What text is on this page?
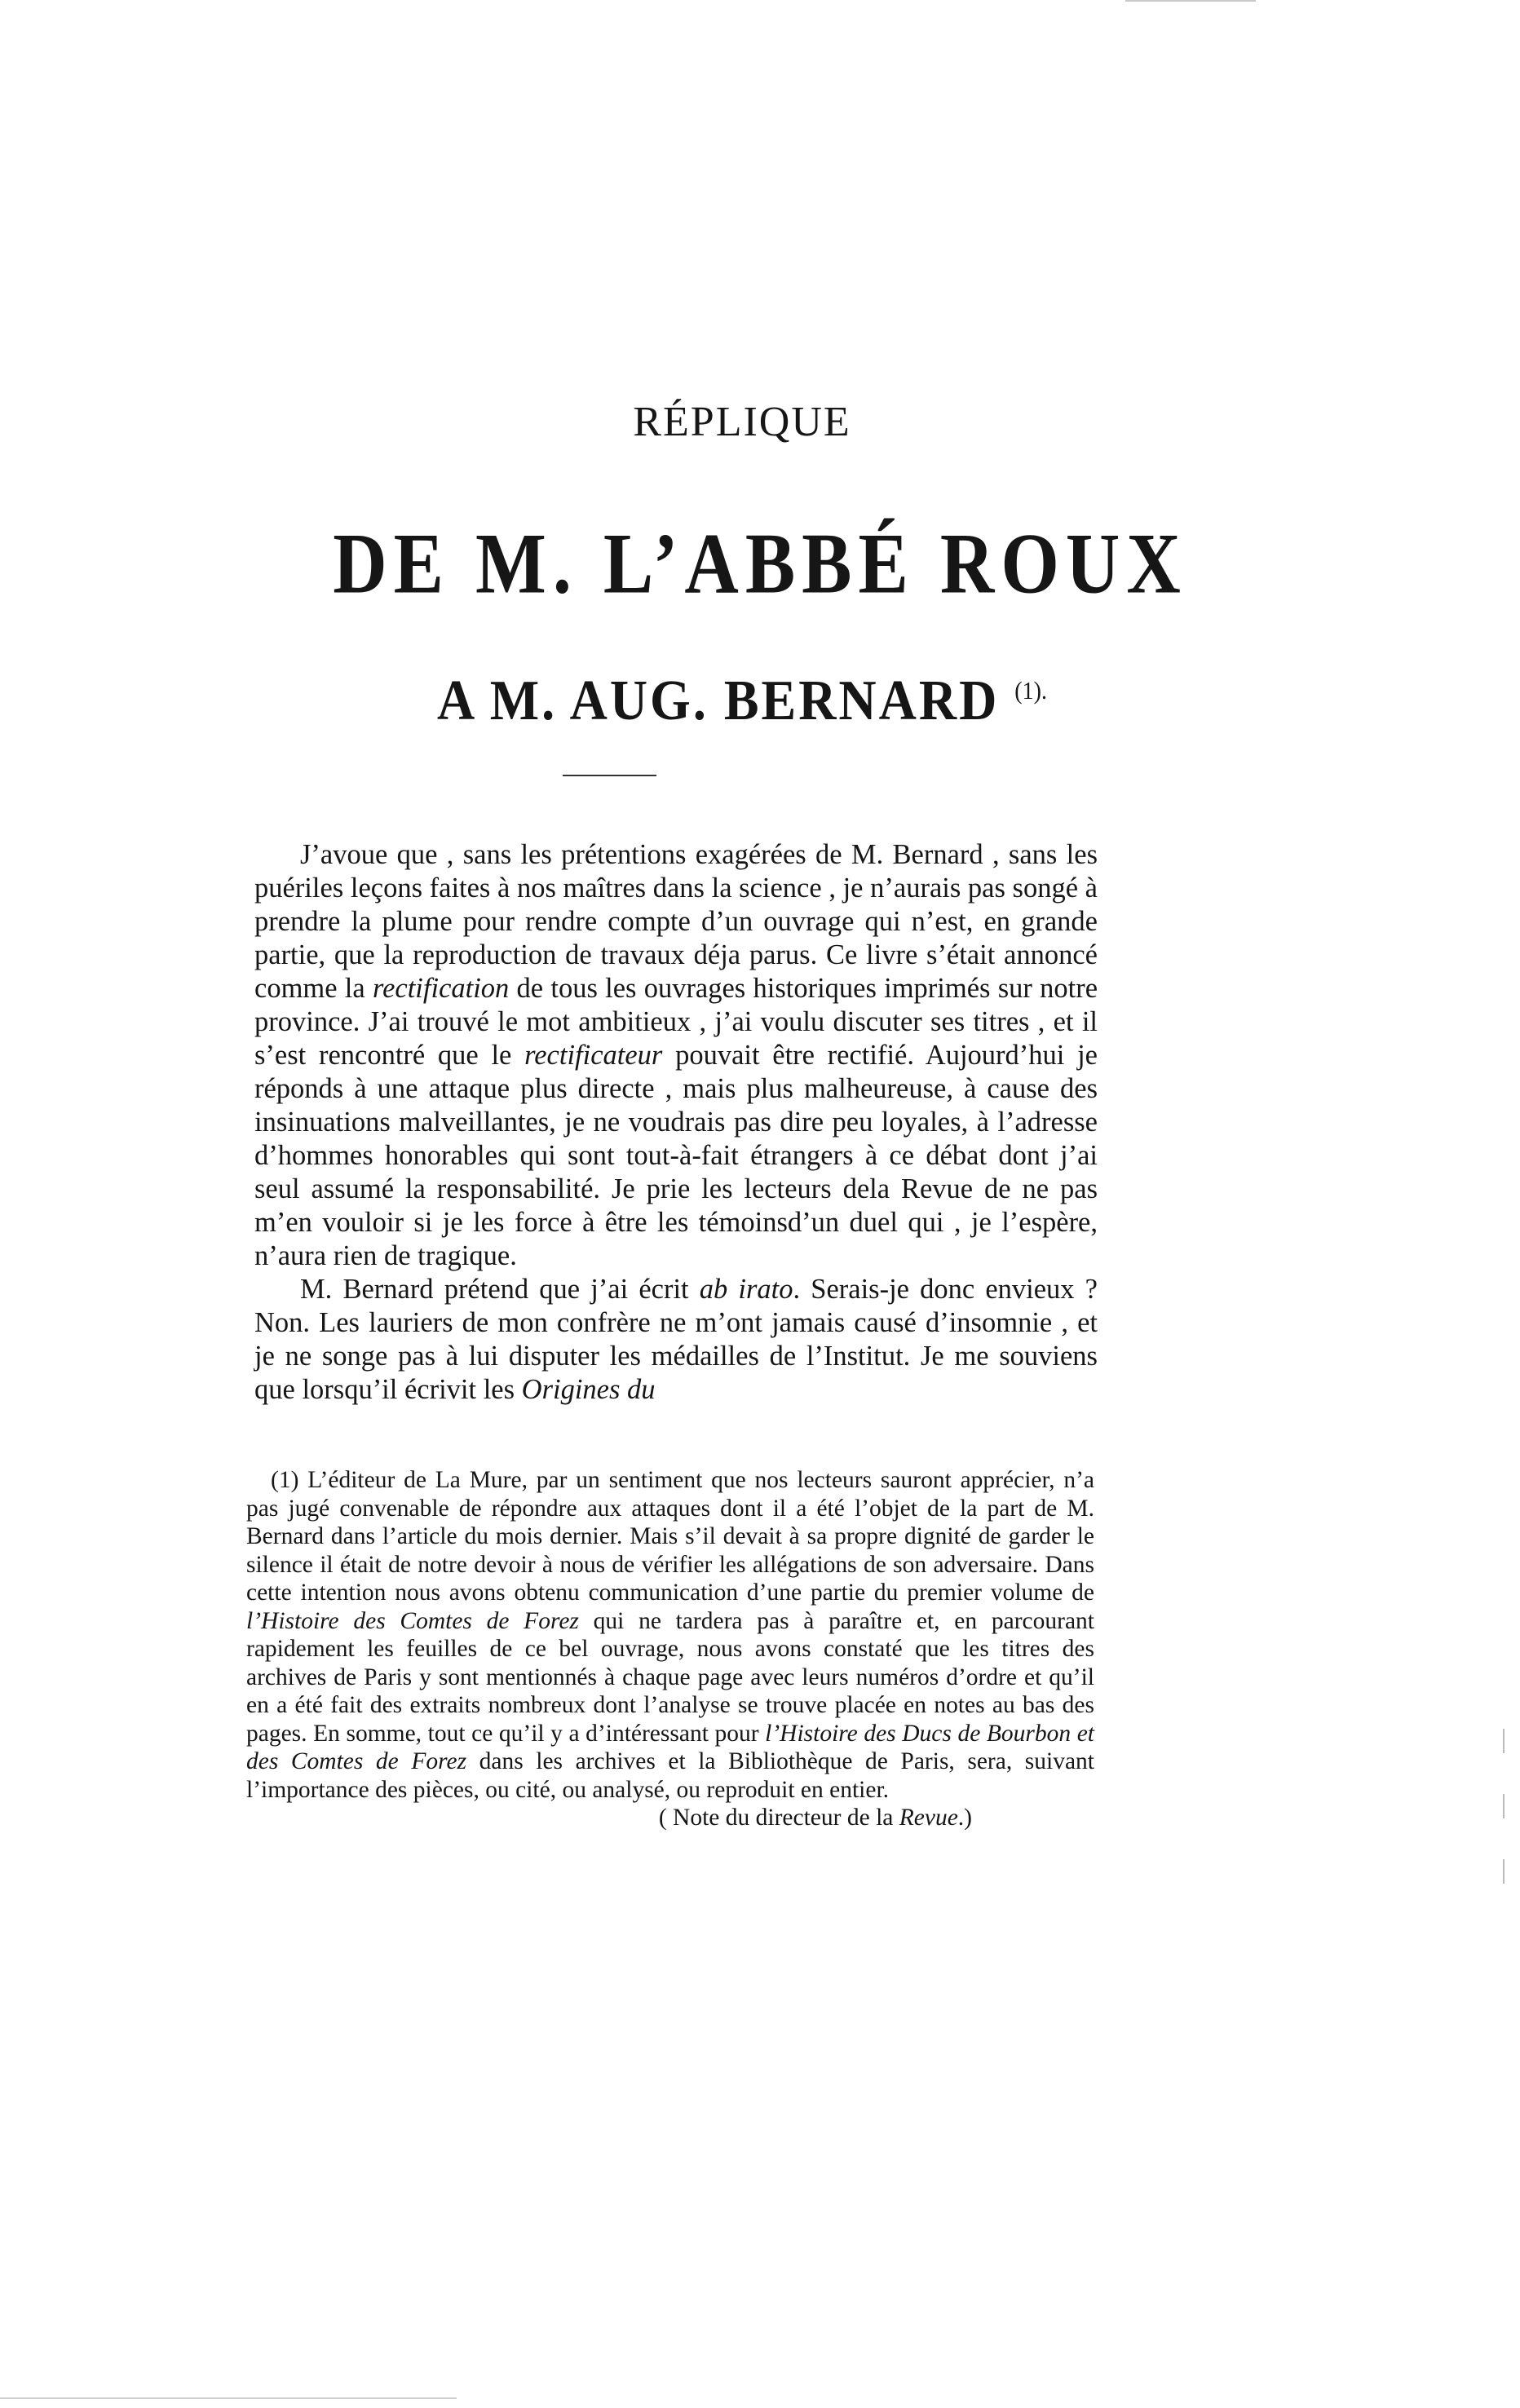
RÉPLIQUE
DE M. L’ABBÉ ROUX
A M. AUG. BERNARD $^{(1).}$

J’avoue que , sans les prétentions exagérées de M. Bernard , sans les puériles leçons faites à nos maîtres dans la science , je n’aurais pas songé à prendre la plume pour rendre compte d’un ouvrage qui n’est, en grande partie, que la reproduction de travaux déja parus. Ce livre s’était annoncé comme la rectification de tous les ouvrages historiques imprimés sur notre province. J’ai trouvé le mot ambitieux , j’ai voulu discuter ses titres , et il s’est rencontré que le rectificateur pouvait être rectifié. Aujourd’hui je réponds à une attaque plus directe , mais plus malheureuse, à cause des insinuations malveillantes, je ne voudrais pas dire peu loyales, à l’adresse d’hommes honorables qui sont tout-à-fait étrangers à ce débat dont j’ai seul assumé la responsabilité. Je prie les lecteurs dela Revue de ne pas m’en vouloir si je les force à être les témoinsd’un duel qui , je l’espère, n’aura rien de tragique.

M. Bernard prétend que j’ai écrit ab irato. Serais-je donc envieux ? Non. Les lauriers de mon confrère ne m’ont jamais causé d’insomnie , et je ne songe pas à lui disputer les médailles de l’Institut. Je me souviens que lorsqu’il écrivit les Origines du

(1) L’éditeur de La Mure, par un sentiment que nos lecteurs sauront apprécier, n’a pas jugé convenable de répondre aux attaques dont il a été l’objet de la part de M. Bernard dans l’article du mois dernier. Mais s’il devait à sa propre dignité de garder le silence il était de notre devoir à nous de vérifier les allégations de son adversaire. Dans cette intention nous avons obtenu communication d’une partie du premier volume de l’Histoire des Comtes de Forez qui ne tardera pas à paraître et, en parcourant rapidement les feuilles de ce bel ouvrage, nous avons constaté que les titres des archives de Paris y sont mentionnés à chaque page avec leurs numéros d’ordre et qu’il en a été fait des extraits nombreux dont l’analyse se trouve placée en notes au bas des pages. En somme, tout ce qu’il y a d’intéressant pour l’Histoire des Ducs de Bourbon et des Comtes de Forez dans les archives et la Bibliothèque de Paris, sera, suivant l’importance des pièces, ou cité, ou analysé, ou reproduit en entier.

( Note du directeur de la Revue.)
